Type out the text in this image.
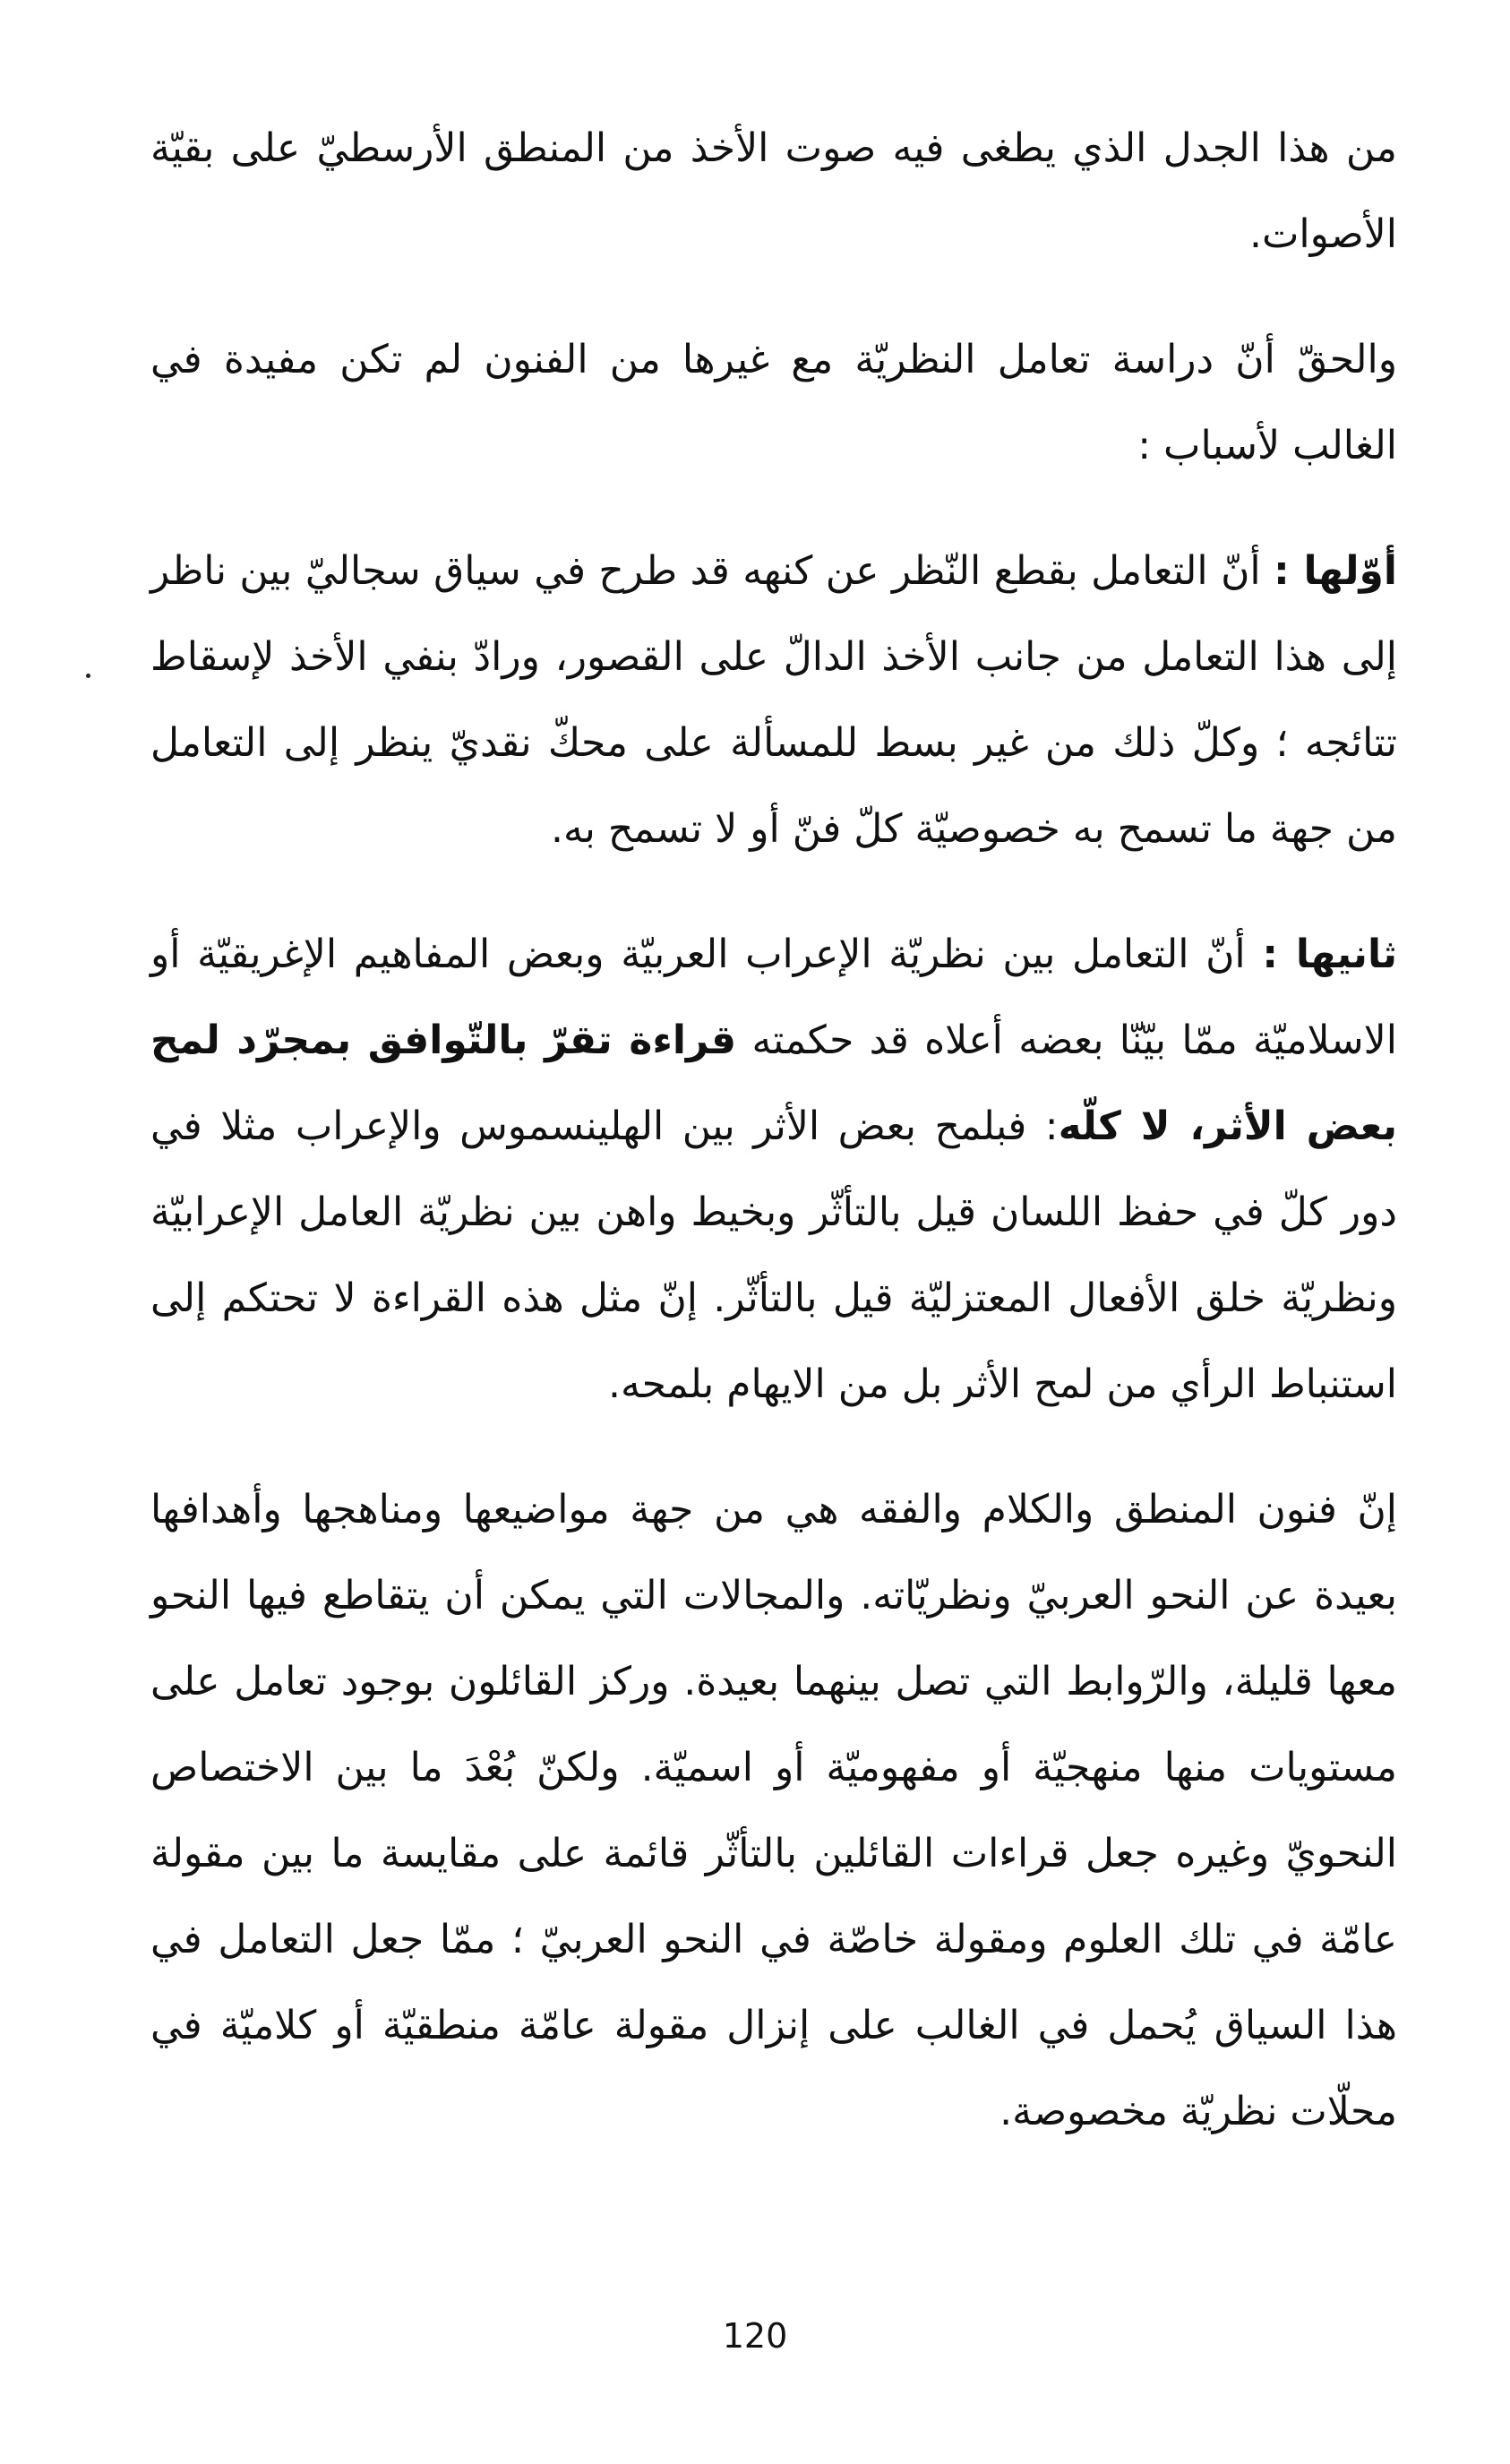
من هذا الجدل الذي يطغى فيه صوت الأخذ من المنطق الأرسطيّ على بقيّة الأصوات.

والحقّ أنّ دراسة تعامل النظريّة مع غيرها من الفنون لم تكن مفيدة في الغالب لأسباب :

أوّلها : أنّ التعامل بقطع النّظر عن كنهه قد طرح في سياق سجاليّ بين ناظر إلى هذا التعامل من جانب الأخذ الدالّ على القصور، ورادّ بنفي الأخذ لإسقاط تتائجه ؛ وكلّ ذلك من غير بسط للمسألة على محكّ نقديّ ينظر إلى التعامل من جهة ما تسمح به خصوصيّة كلّ فنّ أو لا تسمح به.

ثانيها : أنّ التعامل بين نظريّة الإعراب العربيّة وبعض المفاهيم الإغريقيّة أو الاسلاميّة ممّا بيّنّا بعضه أعلاه قد حكمته قراءة تقرّ بالتّوافق بمجرّد لمح بعض الأثر، لا كلّه: فبلمح بعض الأثر بين الهلينسموس والإعراب مثلا في دور كلّ في حفظ اللسان قيل بالتأثّر وبخيط واهن بين نظريّة العامل الإعرابيّة ونظريّة خلق الأفعال المعتزليّة قيل بالتأثّر. إنّ مثل هذه القراءة لا تحتكم إلى استنباط الرأي من لمح الأثر بل من الايهام بلمحه.

إنّ فنون المنطق والكلام والفقه هي من جهة مواضيعها ومناهجها وأهدافها بعيدة عن النحو العربيّ ونظريّاته. والمجالات التي يمكن أن يتقاطع فيها النحو معها قليلة، والرّوابط التي تصل بينهما بعيدة. وركز القائلون بوجود تعامل على مستويات منها منهجيّة أو مفهوميّة أو اسميّة. ولكنّ بُعْدَ ما بين الاختصاص النحويّ وغيره جعل قراءات القائلين بالتأثّر قائمة على مقايسة ما بين مقولة عامّة في تلك العلوم ومقولة خاصّة في النحو العربيّ ؛ ممّا جعل التعامل في هذا السياق يُحمل في الغالب على إنزال مقولة عامّة منطقيّة أو كلاميّة في محلّات نظريّة مخصوصة.

120
